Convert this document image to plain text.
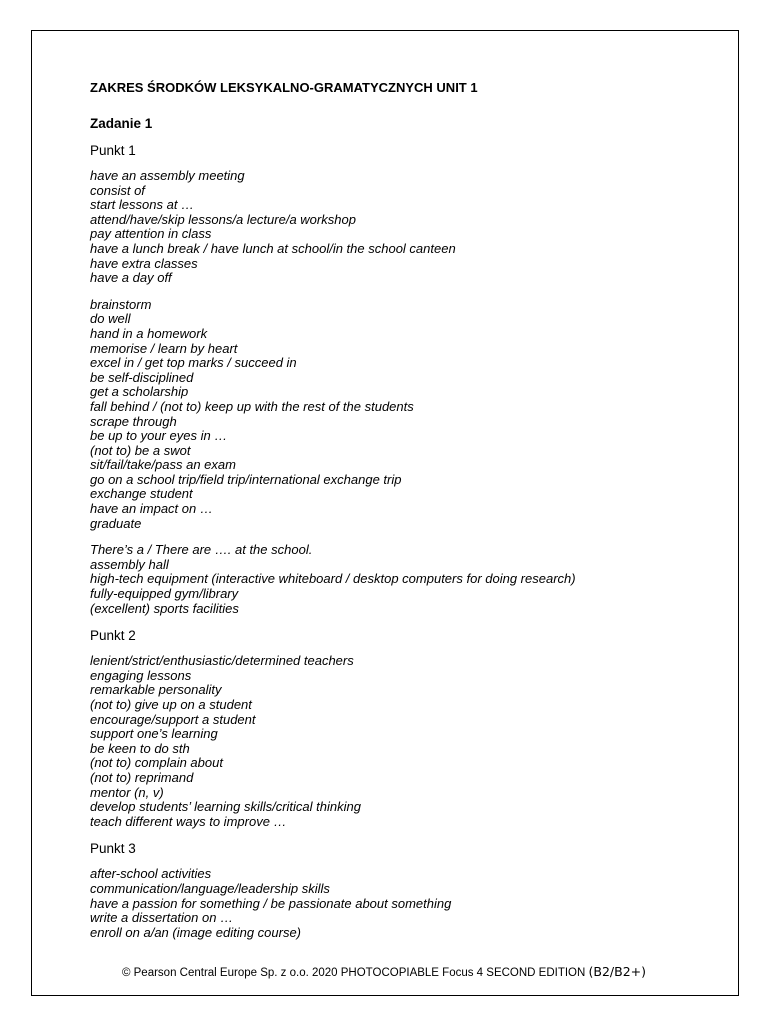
ZAKRES ŚRODKÓW LEKSYKALNO-GRAMATYCZNYCH UNIT 1
Zadanie 1
Punkt 1
have an assembly meeting
consist of
start lessons at …
attend/have/skip lessons/a lecture/a workshop
pay attention in class
have a lunch break / have lunch at school/in the school canteen
have extra classes
have a day off
brainstorm
do well
hand in a homework
memorise / learn by heart
excel in / get top marks / succeed in
be self-disciplined
get a scholarship
fall behind / (not to) keep up with the rest of the students
scrape through
be up to your eyes in …
(not to) be a swot
sit/fail/take/pass an exam
go on a school trip/field trip/international exchange trip
exchange student
have an impact on …
graduate
There’s a / There are …. at the school.
assembly hall
high-tech equipment (interactive whiteboard / desktop computers for doing research)
fully-equipped gym/library
(excellent) sports facilities
Punkt 2
lenient/strict/enthusiastic/determined teachers
engaging lessons
remarkable personality
(not to) give up on a student
encourage/support a student
support one’s learning
be keen to do sth
(not to) complain about
(not to) reprimand
mentor (n, v)
develop students’ learning skills/critical thinking
teach different ways to improve …
Punkt 3
after-school activities
communication/language/leadership skills
have a passion for something / be passionate about something
write a dissertation on …
enroll on a/an (image editing course)
© Pearson Central Europe Sp. z o.o. 2020 PHOTOCOPIABLE Focus 4 SECOND EDITION (B2/B2+)
